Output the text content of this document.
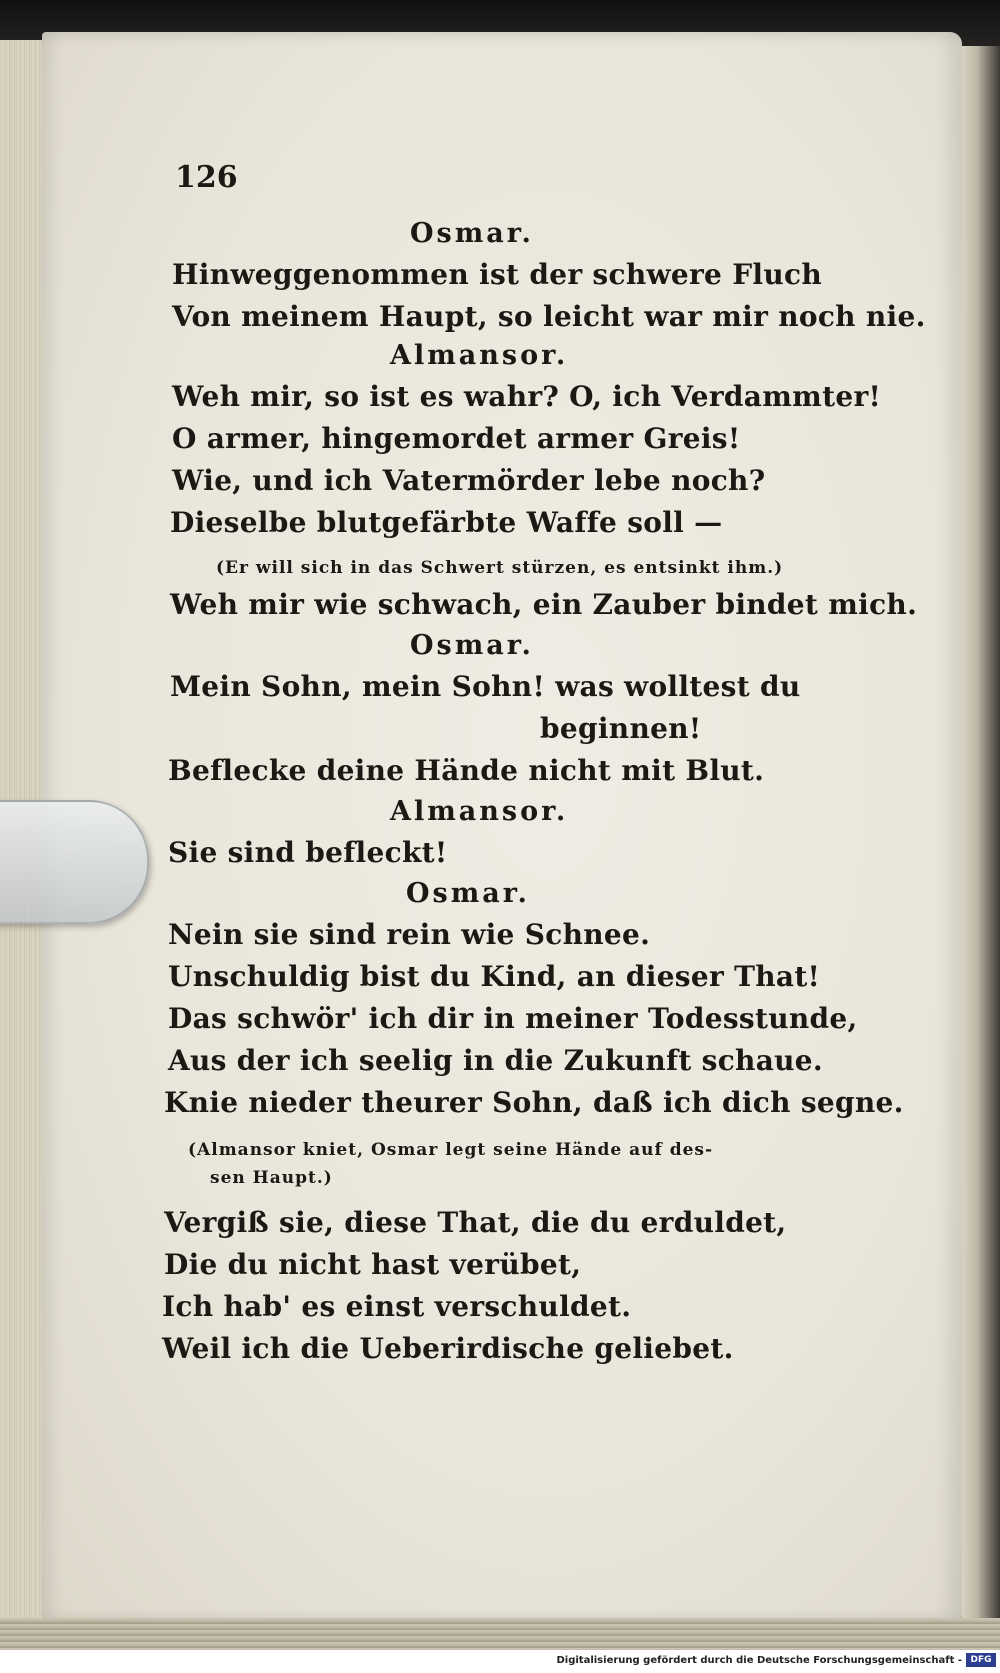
126
Osmar.
Hinweggenommen ist der schwere Fluch
Von meinem Haupt, so leicht war mir noch nie.
Almansor.
Weh mir, so ist es wahr? O, ich Verdammter!
O armer, hingemordet armer Greis!
Wie, und ich Vatermörder lebe noch?
Dieselbe blutgefärbte Waffe soll —
(Er will sich in das Schwert stürzen, es entsinkt ihm.)
Weh mir wie schwach, ein Zauber bindet mich.
Osmar.
Mein Sohn, mein Sohn! was wolltest du
beginnen!
Beflecke deine Hände nicht mit Blut.
Almansor.
Sie sind befleckt!
Osmar.
Nein sie sind rein wie Schnee.
Unschuldig bist du Kind, an dieser That!
Das schwör' ich dir in meiner Todesstunde,
Aus der ich seelig in die Zukunft schaue.
Knie nieder theurer Sohn, daß ich dich segne.
(Almansor kniet, Osmar legt seine Hände auf des-
sen Haupt.)
Vergiß sie, diese That, die du erduldet,
Die du nicht hast verübet,
Ich hab' es einst verschuldet.
Weil ich die Ueberirdische geliebet.
Digitalisierung gefördert durch die Deutsche Forschungsgemeinschaft - DFG
